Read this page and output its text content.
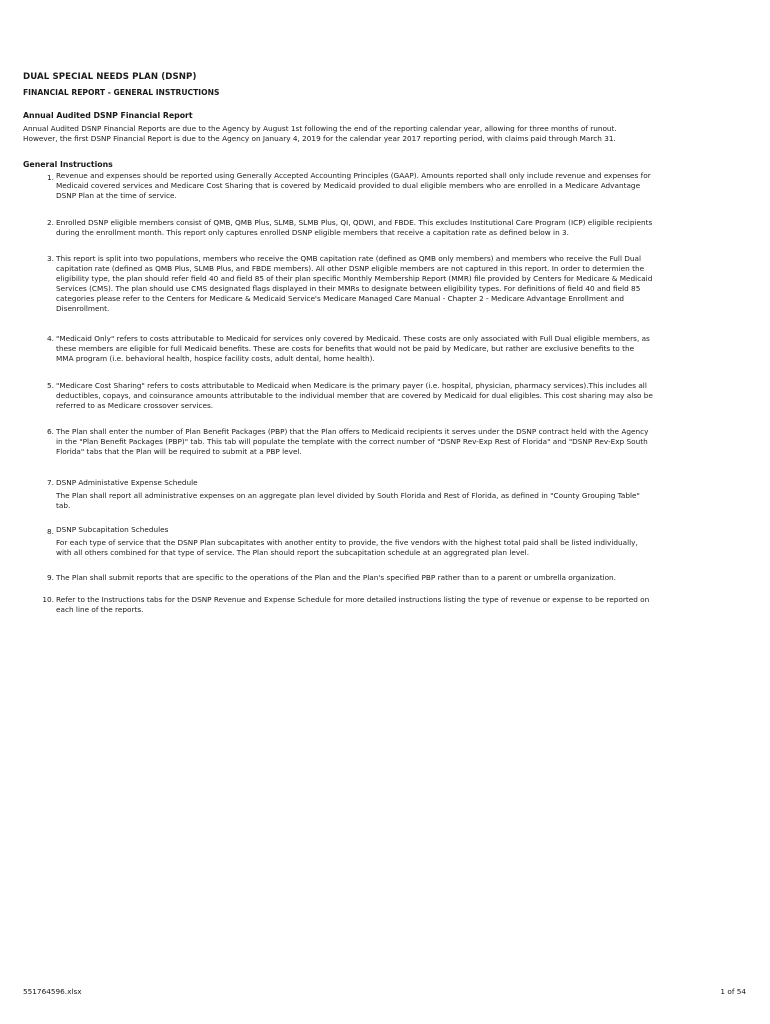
DUAL SPECIAL NEEDS PLAN (DSNP)
FINANCIAL REPORT - GENERAL INSTRUCTIONS
Annual Audited DSNP Financial Report
Annual Audited DSNP Financial Reports are due to the Agency by August 1st following the end of the reporting calendar year, allowing for three months of runout.
However, the first DSNP Financial Report is due to the Agency on January 4, 2019 for the calendar year 2017 reporting period, with claims paid through March 31.
General Instructions
1. Revenue and expenses should be reported using Generally Accepted Accounting Principles (GAAP). Amounts reported shall only include revenue and expenses for
Medicaid covered services and Medicare Cost Sharing that is covered by Medicaid provided to dual eligible members who are enrolled in a Medicare Advantage
DSNP Plan at the time of service.
2. Enrolled DSNP eligible members consist of QMB, QMB Plus, SLMB, SLMB Plus, QI, QDWI, and FBDE. This excludes Institutional Care Program (ICP) eligible recipients
during the enrollment month. This report only captures enrolled DSNP eligible members that receive a capitation rate as defined below in 3.
3. This report is split into two populations, members who receive the QMB capitation rate (defined as QMB only members) and members who receive the Full Dual
capitation rate (defined as QMB Plus, SLMB Plus, and FBDE members). All other DSNP eligible members are not captured in this report. In order to determien the
eligibility type, the plan should refer field 40 and field 85 of their plan specific Monthly Membership Report (MMR) file provided by Centers for Medicare & Medicaid
Services (CMS). The plan should use CMS designated flags displayed in their MMRs to designate between eligibility types. For definitions of field 40 and field 85
categories please refer to the Centers for Medicare & Medicaid Service's Medicare Managed Care Manual - Chapter 2 - Medicare Advantage Enrollment and
Disenrollment.
4. "Medicaid Only" refers to costs attributable to Medicaid for services only covered by Medicaid. These costs are only associated with Full Dual eligible members, as
these members are eligible for full Medicaid benefits. These are costs for benefits that would not be paid by Medicare, but rather are exclusive benefits to the
MMA program (i.e. behavioral health, hospice facility costs, adult dental, home health).
5. "Medicare Cost Sharing" refers to costs attributable to Medicaid when Medicare is the primary payer (i.e. hospital, physician, pharmacy services).This includes all
deductibles, copays, and coinsurance amounts attributable to the individual member that are covered by Medicaid for dual eligibles. This cost sharing may also be
referred to as Medicare crossover services.
6. The Plan shall enter the number of Plan Benefit Packages (PBP) that the Plan offers to Medicaid recipients it serves under the DSNP contract held with the Agency
in the "Plan Benefit Packages (PBP)" tab. This tab will populate the template with the correct number of "DSNP Rev-Exp Rest of Florida" and "DSNP Rev-Exp South
Florida" tabs that the Plan will be required to submit at a PBP level.
7. DSNP Administative Expense Schedule
The Plan shall report all administrative expenses on an aggregate plan level divided by South Florida and Rest of Florida, as defined in "County Grouping Table"
tab.
8. DSNP Subcapitation Schedules
For each type of service that the DSNP Plan subcapitates with another entity to provide, the five vendors with the highest total paid shall be listed individually,
with all others combined for that type of service. The Plan should report the subcapitation schedule at an aggregrated plan level.
9. The Plan shall submit reports that are specific to the operations of the Plan and the Plan's specified PBP rather than to a parent or umbrella organization.
10. Refer to the Instructions tabs for the DSNP Revenue and Expense Schedule for more detailed instructions listing the type of revenue or expense to be reported on
each line of the reports.
551764596.xlsx	1 of 54
